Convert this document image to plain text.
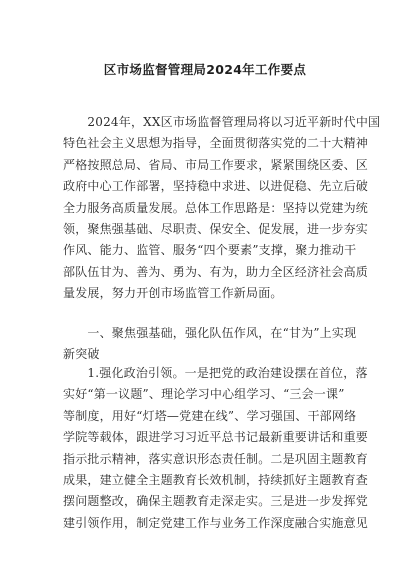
区市场监督管理局2024年工作要点

　　2024年，XX区市场监督管理局将以习近平新时代中国
特色社会主义思想为指导，全面贯彻落实党的二十大精神
严格按照总局、省局、市局工作要求，紧紧围绕区委、区
政府中心工作部署，坚持稳中求进、以进促稳、先立后破
全力服务高质量发展。总体工作思路是：坚持以党建为统
领，聚焦强基础、尽职责、保安全、促发展，进一步夯实
作风、能力、监管、服务“四个要素”支撑，聚力推动干
部队伍甘为、善为、勇为、有为，助力全区经济社会高质
量发展，努力开创市场监管工作新局面。

　　一、聚焦强基础，强化队伍作风，在“甘为”上实现
新突破

　　1.强化政治引领。一是把党的政治建设摆在首位，落
实好“第一议题”、理论学习中心组学习、“三会一课”
等制度，用好“灯塔—党建在线”、学习强国、干部网络
学院等载体，跟进学习习近平总书记最新重要讲话和重要
指示批示精神，落实意识形态责任制。二是巩固主题教育
成果，建立健全主题教育长效机制，持续抓好主题教育查
摆问题整改，确保主题教育走深走实。三是进一步发挥党
建引领作用，制定党建工作与业务工作深度融合实施意见
